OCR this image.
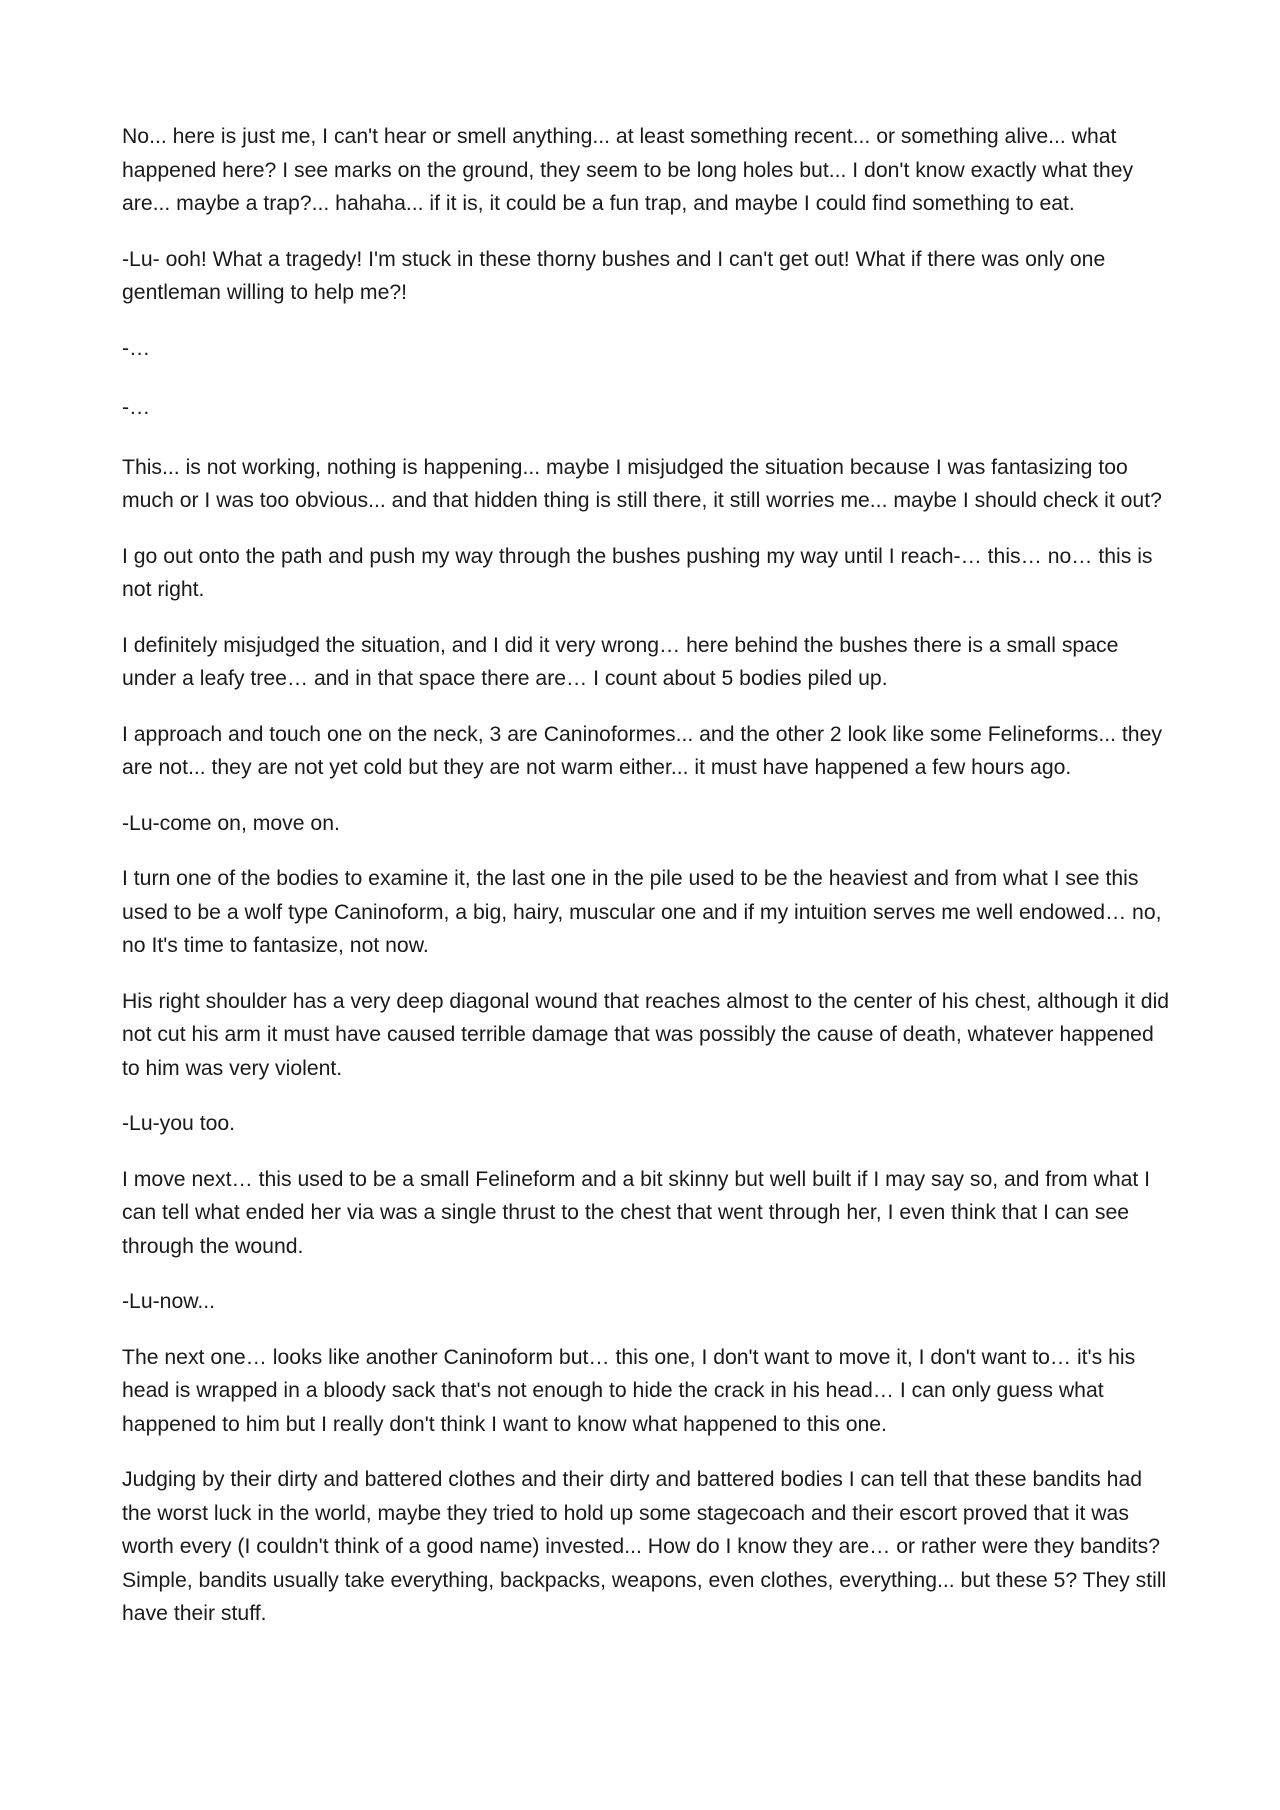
No... here is just me, I can't hear or smell anything... at least something recent... or something alive... what happened here? I see marks on the ground, they seem to be long holes but... I don't know exactly what they are... maybe a trap?... hahaha... if it is, it could be a fun trap, and maybe I could find something to eat.

-Lu- ooh! What a tragedy! I'm stuck in these thorny bushes and I can't get out! What if there was only one gentleman willing to help me?!

-…

-…

This... is not working, nothing is happening... maybe I misjudged the situation because I was fantasizing too much or I was too obvious... and that hidden thing is still there, it still worries me... maybe I should check it out?

I go out onto the path and push my way through the bushes pushing my way until I reach-… this… no… this is not right.

I definitely misjudged the situation, and I did it very wrong… here behind the bushes there is a small space under a leafy tree… and in that space there are… I count about 5 bodies piled up.

I approach and touch one on the neck, 3 are Caninoformes... and the other 2 look like some Felineforms... they are not... they are not yet cold but they are not warm either... it must have happened a few hours ago.

-Lu-come on, move on.

I turn one of the bodies to examine it, the last one in the pile used to be the heaviest and from what I see this used to be a wolf type Caninoform, a big, hairy, muscular one and if my intuition serves me well endowed… no, no It's time to fantasize, not now.

His right shoulder has a very deep diagonal wound that reaches almost to the center of his chest, although it did not cut his arm it must have caused terrible damage that was possibly the cause of death, whatever happened to him was very violent.

-Lu-you too.

I move next… this used to be a small Felineform and a bit skinny but well built if I may say so, and from what I can tell what ended her via was a single thrust to the chest that went through her, I even think that I can see through the wound.

-Lu-now...

The next one… looks like another Caninoform but… this one, I don't want to move it, I don't want to… it's his head is wrapped in a bloody sack that's not enough to hide the crack in his head… I can only guess what happened to him but I really don't think I want to know what happened to this one.

Judging by their dirty and battered clothes and their dirty and battered bodies I can tell that these bandits had the worst luck in the world, maybe they tried to hold up some stagecoach and their escort proved that it was worth every (I couldn't think of a good name) invested... How do I know they are… or rather were they bandits? Simple, bandits usually take everything, backpacks, weapons, even clothes, everything... but these 5? They still have their stuff.
